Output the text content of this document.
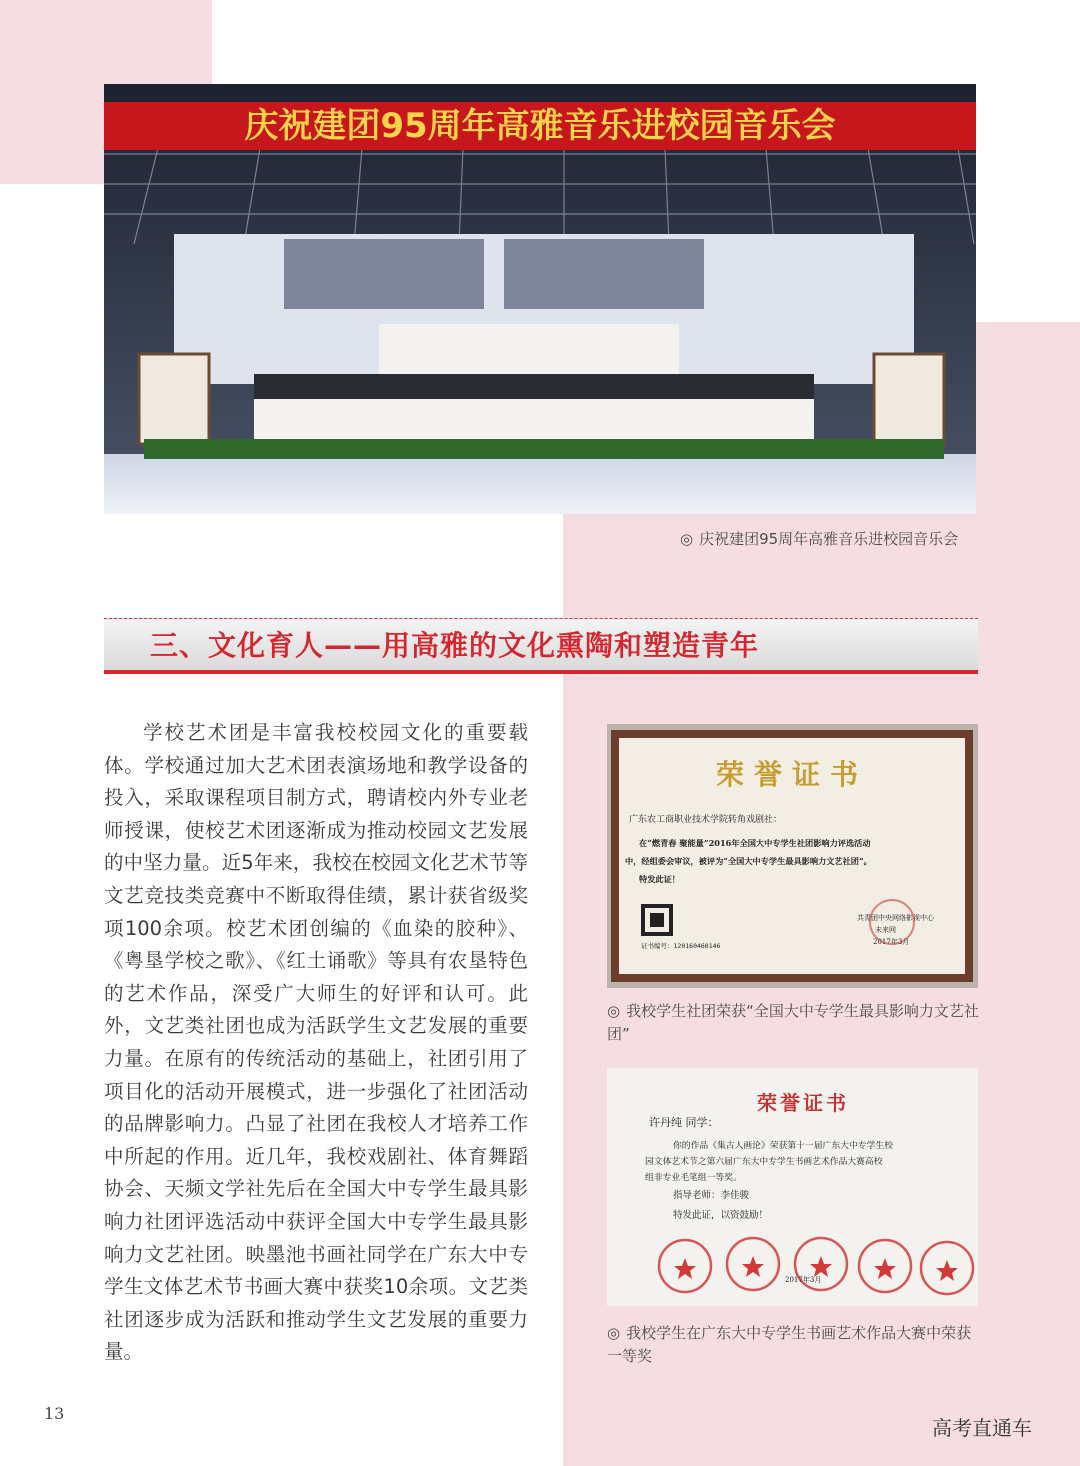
庆祝建团95周年高雅音乐进校园音乐会
◎ 庆祝建团95周年高雅音乐进校园音乐会
三、文化育人——用高雅的文化熏陶和塑造青年

学校艺术团是丰富我校校园文化的重要载体。学校通过加大艺术团表演场地和教学设备的投入，采取课程项目制方式，聘请校内外专业老师授课，使校艺术团逐渐成为推动校园文艺发展的中坚力量。近5年来，我校在校园文化艺术节等文艺竞技类竞赛中不断取得佳绩，累计获省级奖项100余项。校艺术团创编的《血染的胶种》、《粤垦学校之歌》、《红土诵歌》等具有农垦特色的艺术作品，深受广大师生的好评和认可。此外，文艺类社团也成为活跃学生文艺发展的重要力量。在原有的传统活动的基础上，社团引用了项目化的活动开展模式，进一步强化了社团活动的品牌影响力。凸显了社团在我校人才培养工作中所起的作用。近几年，我校戏剧社、体育舞蹈协会、天频文学社先后在全国大中专学生最具影响力社团评选活动中获评全国大中专学生最具影响力文艺社团。映墨池书画社同学在广东大中专学生文体艺术节书画大赛中获奖10余项。文艺类社团逐步成为活跃和推动学生文艺发展的重要力量。

荣誉证书
广东农工商职业技术学院转角戏剧社：
在“燃青春 聚能量”2016年全国大中专学生社团影响力评选活动
中，经组委会审议，被评为“全国大中专学生最具影响力文艺社团”。
特发此证！
共青团中央网络影视中心
未来网
2017年3月
证书编号：120160460146
◎ 我校学生社团荣获“全国大中专学生最具影响力文艺社团”
荣誉证书
许丹纯 同学：
你的作品《集古人画论》荣获第十一届广东大中专学生校
园文体艺术节之第六届广东大中专学生书画艺术作品大赛高校
组非专业毛笔组一等奖。
指导老师：李佳骏
特发此证，以资鼓励！
2017年3月
◎ 我校学生在广东大中专学生书画艺术作品大赛中荣获一等奖
13
高考直通车
